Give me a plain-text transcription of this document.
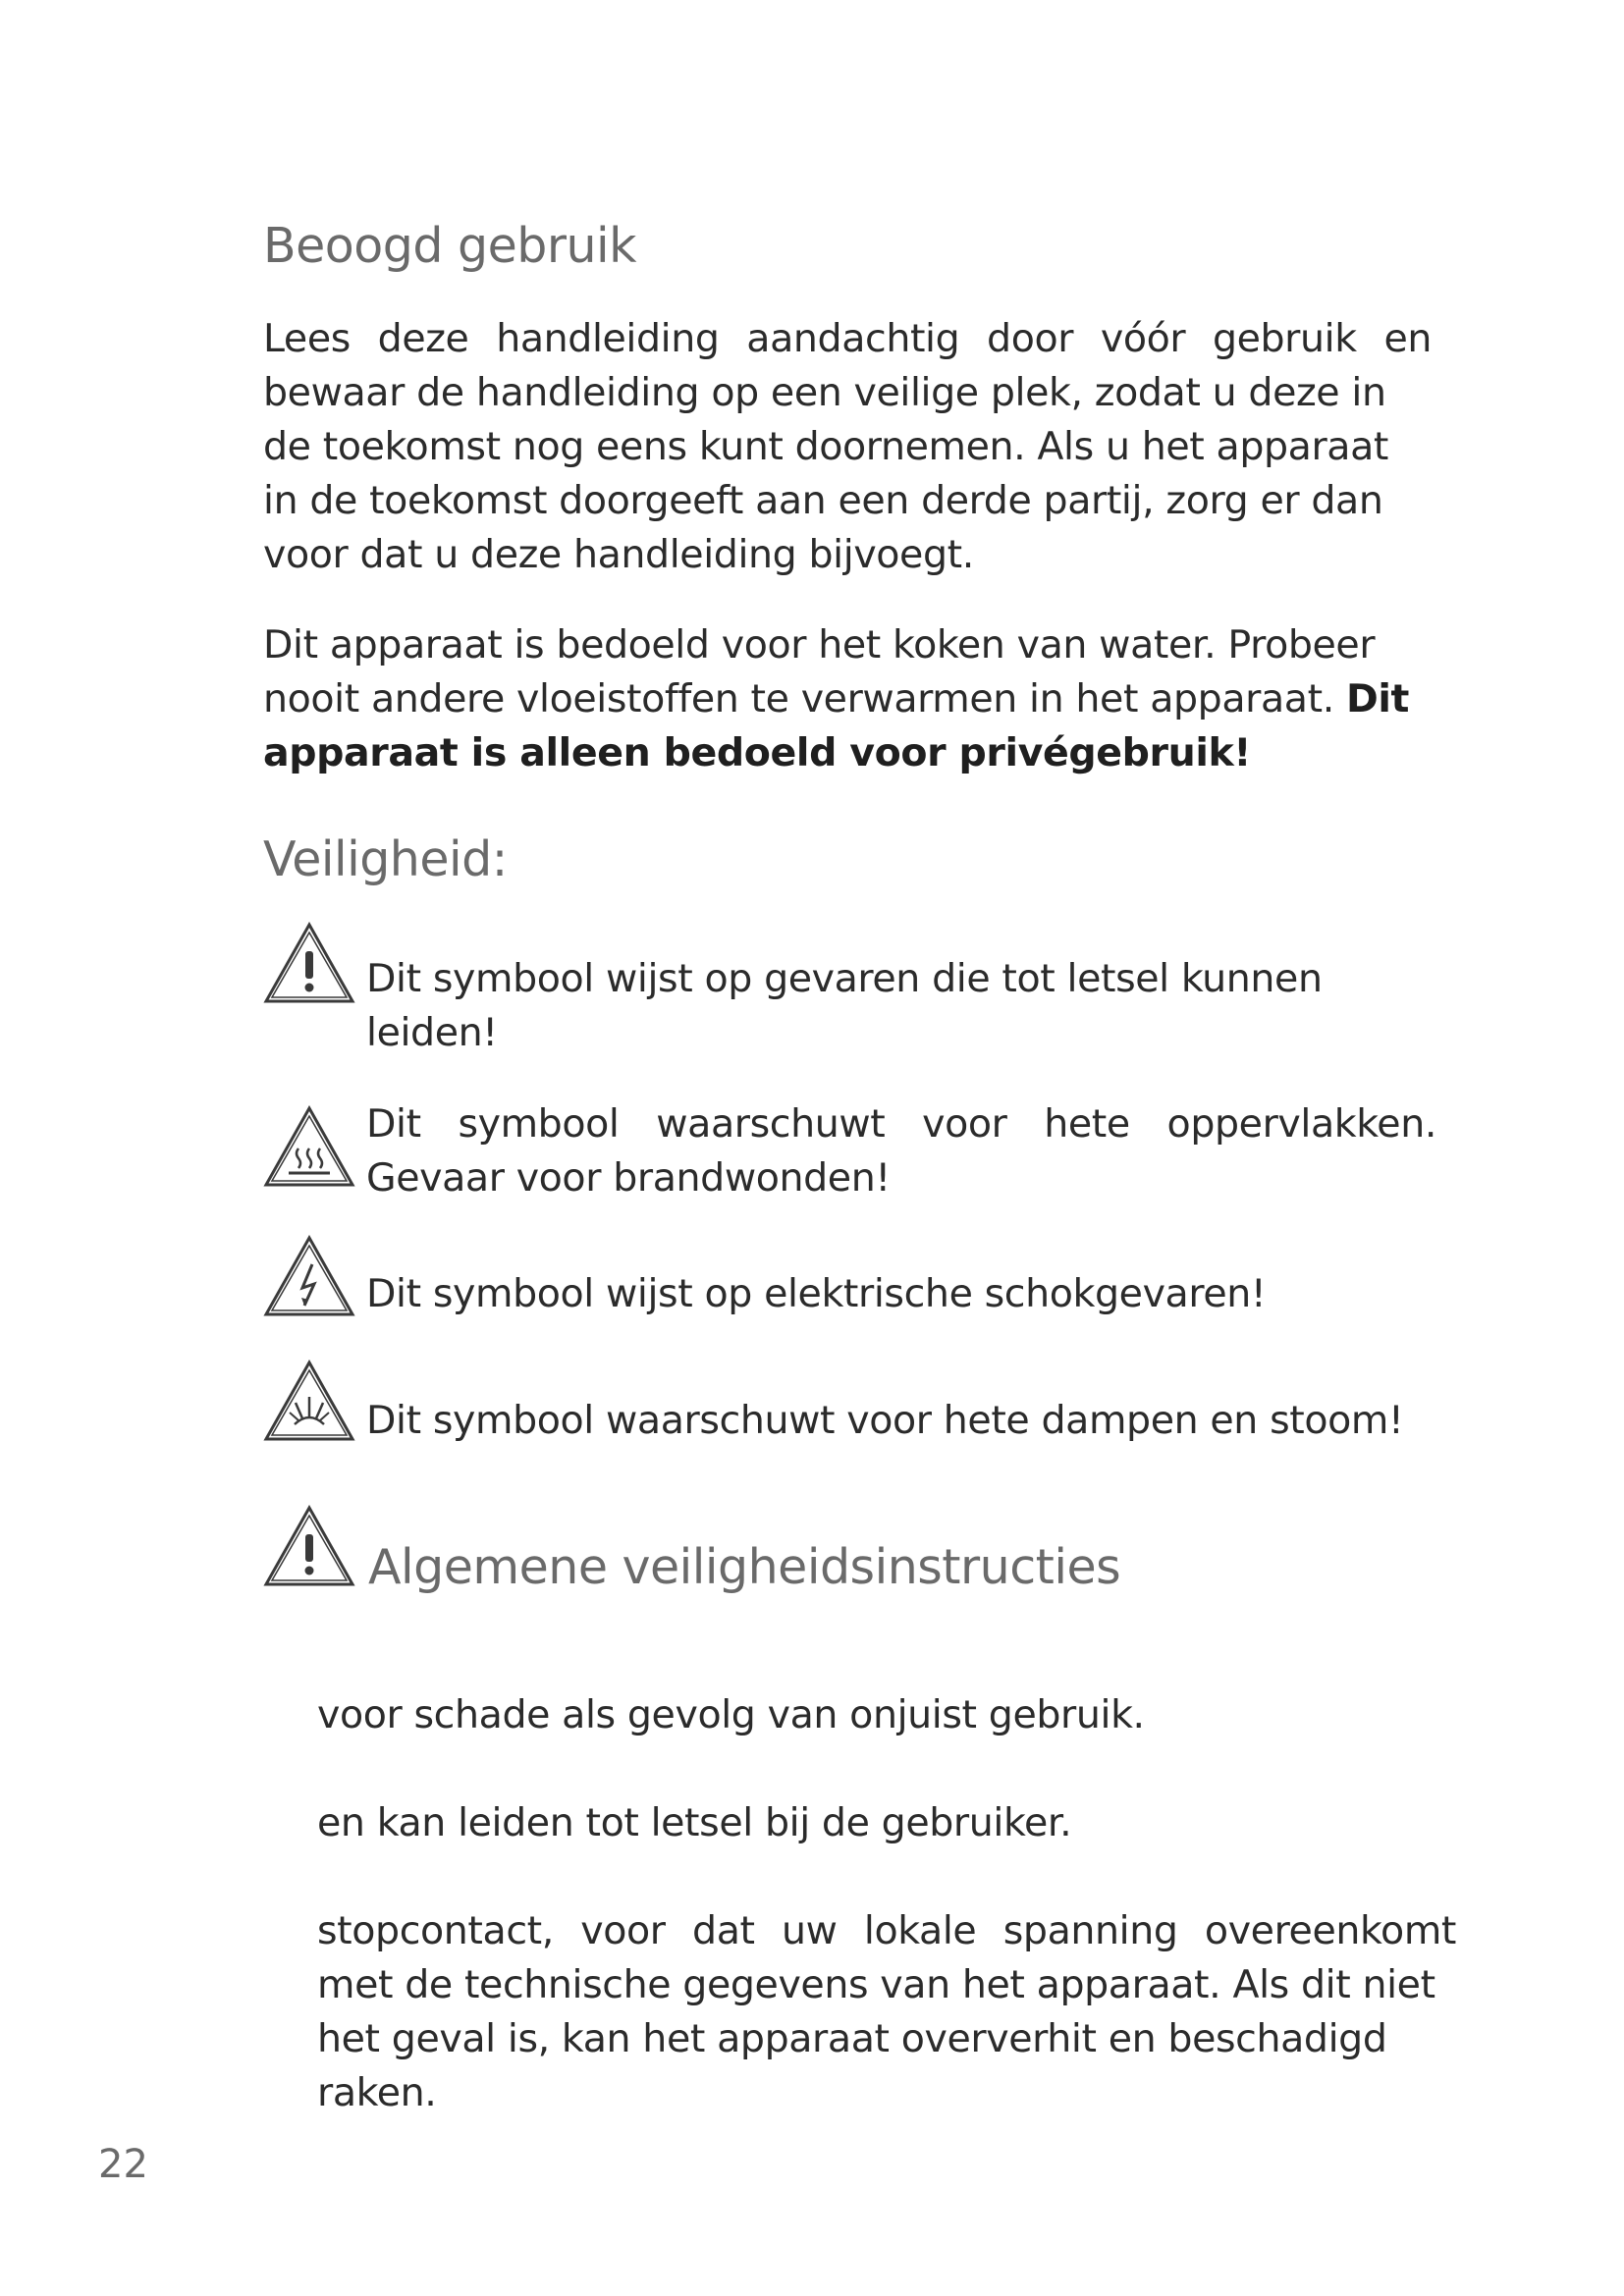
Beoogd gebruik

Lees deze handleiding aandachtig door vóór gebruik en
bewaar de handleiding op een veilige plek, zodat u deze in
de toekomst nog eens kunt doornemen. Als u het apparaat
in de toekomst doorgeeft aan een derde partij, zorg er dan
voor dat u deze handleiding bijvoegt.

Dit apparaat is bedoeld voor het koken van water. Probeer
nooit andere vloeistoffen te verwarmen in het apparaat. Dit
apparaat is alleen bedoeld voor privégebruik!

Veiligheid:

Dit symbool wijst op gevaren die tot letsel kunnen
leiden!

Dit symbool waarschuwt voor hete oppervlakken.
Gevaar voor brandwonden!

Dit symbool wijst op elektrische schokgevaren!

Dit symbool waarschuwt voor hete dampen en stoom!

Algemene veiligheidsinstructies

voor schade als gevolg van onjuist gebruik.

en kan leiden tot letsel bij de gebruiker.

stopcontact, voor dat uw lokale spanning overeenkomt
met de technische gegevens van het apparaat. Als dit niet
het geval is, kan het apparaat oververhit en beschadigd
raken.

22
